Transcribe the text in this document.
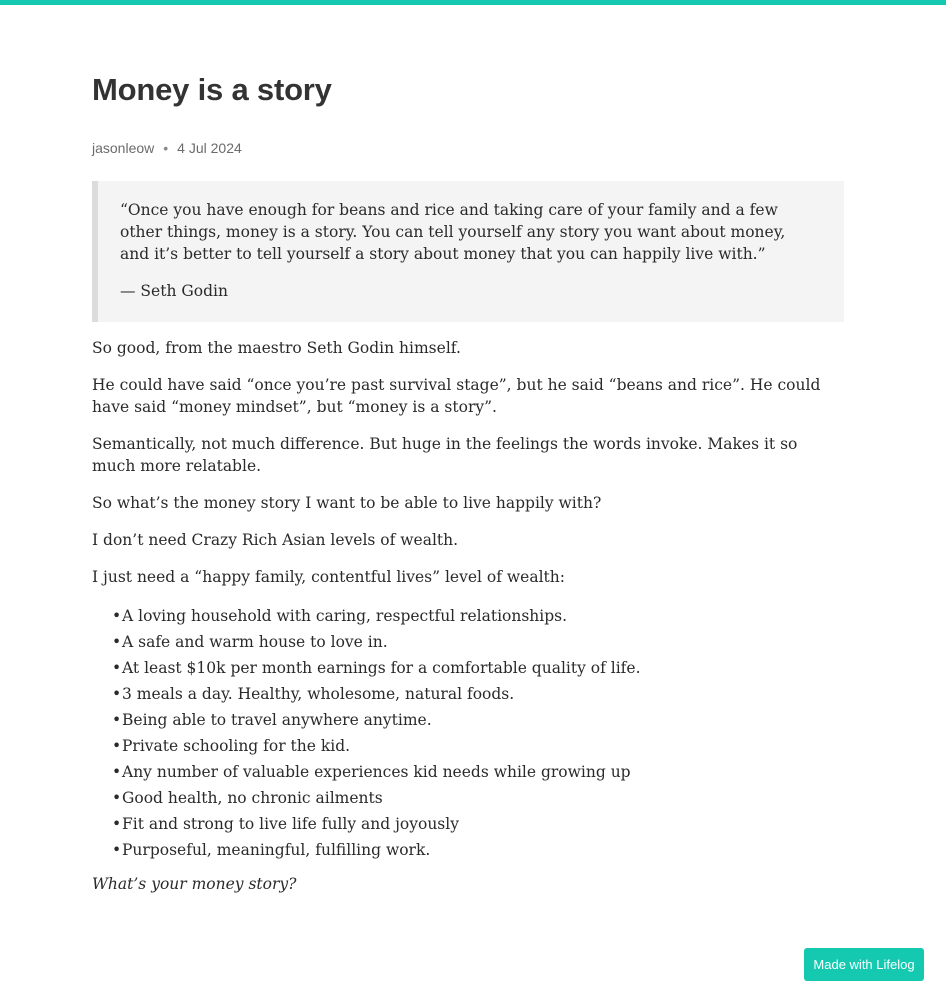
Money is a story
jasonleow • 4 Jul 2024

“Once you have enough for beans and rice and taking care of your family and a few other things, money is a story. You can tell yourself any story you want about money, and it’s better to tell yourself a story about money that you can happily live with.”

— Seth Godin

So good, from the maestro Seth Godin himself.

He could have said “once you’re past survival stage”, but he said “beans and rice”. He could have said “money mindset”, but “money is a story”.

Semantically, not much difference. But huge in the feelings the words invoke. Makes it so much more relatable.

So what’s the money story I want to be able to live happily with?

I don’t need Crazy Rich Asian levels of wealth.

I just need a “happy family, contentful lives” level of wealth:

•A loving household with caring, respectful relationships.
•A safe and warm house to love in.
•At least $10k per month earnings for a comfortable quality of life.
•3 meals a day. Healthy, wholesome, natural foods.
•Being able to travel anywhere anytime.
•Private schooling for the kid.
•Any number of valuable experiences kid needs while growing up
•Good health, no chronic ailments
•Fit and strong to live life fully and joyously
•Purposeful, meaningful, fulfilling work.

What’s your money story?

Made with Lifelog
